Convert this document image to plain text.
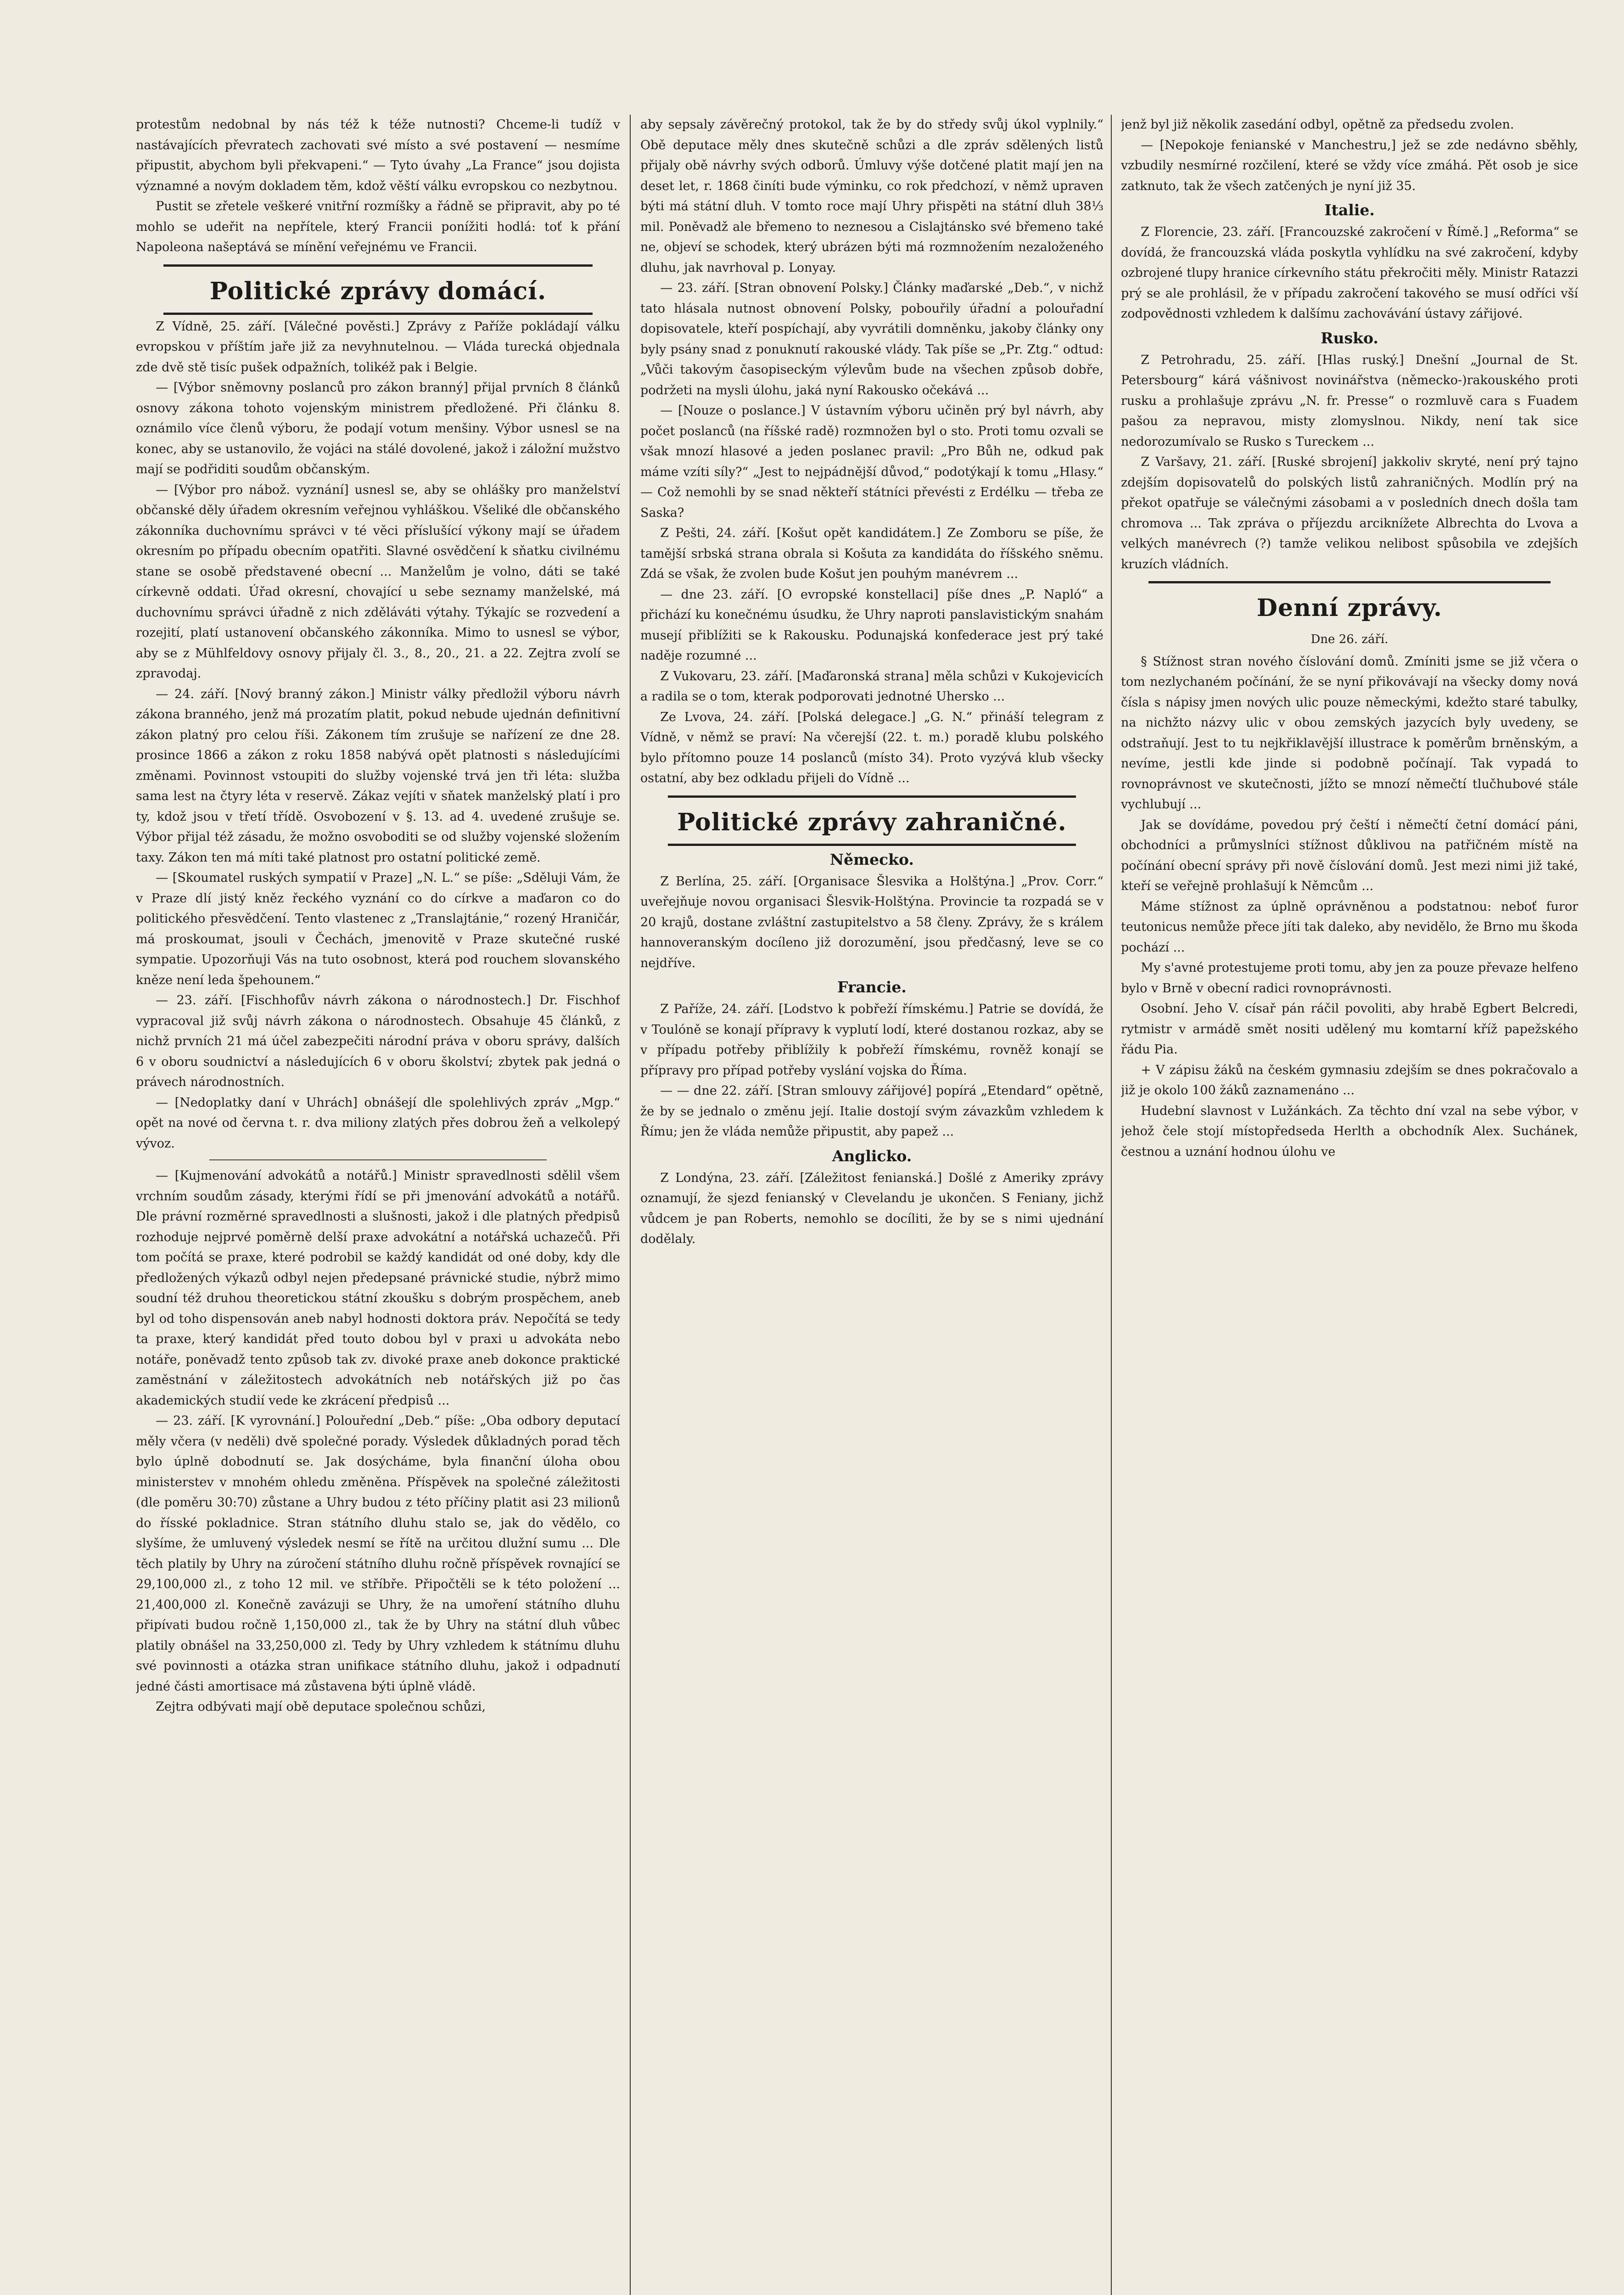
protestům nedobnal by nás též k téže nutnosti? Chceme-li tudíž v nastávajících převratech zachovati své místo a své postavení — nesmíme připustit, abychom byli překvapeni.“ — Tyto úvahy „La France“ jsou dojista významné a novým dokladem těm, kdož věští válku evropskou co nezbytnou.

Pustit se zřetele veškeré vnitřní rozmíšky a řádně se připravit, aby po té mohlo se udeřit na nepřítele, který Francii ponížiti hodlá: toť k přání Napoleona našeptává se mínění veřejnému ve Francii.

Politické zprávy domácí.

Z Vídně, 25. září. [Válečné pověsti.] Zprávy z Paříže pokládají válku evropskou v příštím jaře již za nevyhnutelnou. — Vláda turecká objednala zde dvě stě tisíc pušek odpažních, tolikéž pak i Belgie.

— [Výbor sněmovny poslanců pro zákon branný] přijal prvních 8 článků osnovy zákona tohoto vojenským ministrem předložené. Při článku 8. oznámilo více členů výboru, že podají votum menšiny. Výbor usnesl se na konec, aby se ustanovilo, že vojáci na stálé dovolené, jakož i záložní mužstvo mají se podřiditi soudům občanským.

— [Výbor pro nábož. vyznání] usnesl se, aby se ohlášky pro manželství občanské děly úřadem okresním veřejnou vyhláškou. Všeliké dle občanského zákonníka duchovnímu správci v té věci příslušící výkony mají se úřadem okresním po případu obecním opatřiti. Slavné osvědčení k sňatku civilnému stane se osobě představené obecní ... Manželům je volno, dáti se také církevně oddati. Úřad okresní, chovající u sebe seznamy manželské, má duchovnímu správci úřadně z nich zděláváti výtahy. Týkajíc se rozvedení a rozejití, platí ustanovení občanského zákonníka. Mimo to usnesl se výbor, aby se z Mühlfeldovy osnovy přijaly čl. 3., 8., 20., 21. a 22. Zejtra zvolí se zpravodaj.

— 24. září. [Nový branný zákon.] Ministr války předložil výboru návrh zákona branného, jenž má prozatím platit, pokud nebude ujednán definitivní zákon platný pro celou říši. Zákonem tím zrušuje se nařízení ze dne 28. prosince 1866 a zákon z roku 1858 nabývá opět platnosti s následujícími změnami. Povinnost vstoupiti do služby vojenské trvá jen tři léta: služba sama lest na čtyry léta v reservě. Zákaz vejíti v sňatek manželský platí i pro ty, kdož jsou v třetí třídě. Osvobození v §. 13. ad 4. uvedené zrušuje se. Výbor přijal též zásadu, že možno osvoboditi se od služby vojenské složením taxy. Zákon ten má míti také platnost pro ostatní politické země.

— [Skoumatel ruských sympatií v Praze] „N. L.“ se píše: „Sděluji Vám, že v Praze dlí jistý kněz řeckého vyznání co do církve a maďaron co do politického přesvědčení. Tento vlastenec z „Translajtánie,“ rozený Hraničár, má proskoumat, jsouli v Čechách, jmenovitě v Praze skutečné ruské sympatie. Upozorňuji Vás na tuto osobnost, která pod rouchem slovanského kněze není leda špehounem.“

— 23. září. [Fischhofův návrh zákona o národnostech.] Dr. Fischhof vypracoval již svůj návrh zákona o národnostech. Obsahuje 45 článků, z nichž prvních 21 má účel zabezpečiti národní práva v oboru správy, dalších 6 v oboru soudnictví a následujících 6 v oboru školství; zbytek pak jedná o právech národnostních.

— [Nedoplatky daní v Uhrách] obnášejí dle spolehlivých zpráv „Mgp.“ opět na nové od června t. r. dva miliony zlatých přes dobrou žeň a velkolepý vývoz.

— [Kujmenování advokátů a notářů.] Ministr spravedlnosti sdělil všem vrchním soudům zásady, kterými řídí se při jmenování advokátů a notářů. Dle právní rozměrné spravedlnosti a slušnosti, jakož i dle platných předpisů rozhoduje nejprvé poměrně delší praxe advokátní a notářská uchazečů. Při tom počítá se praxe, které podrobil se každý kandidát od oné doby, kdy dle předložených výkazů odbyl nejen předepsané právnické studie, nýbrž mimo soudní též druhou theoretickou státní zkoušku s dobrým prospěchem, aneb byl od toho dispensován aneb nabyl hodnosti doktora práv. Nepočítá se tedy ta praxe, který kandidát před touto dobou byl v praxi u advokáta nebo notáře, poněvadž tento způsob tak zv. divoké praxe aneb dokonce praktické zaměstnání v záležitostech advokátních neb notářských již po čas akademických studií vede ke zkrácení předpisů ...

— 23. září. [K vyrovnání.] Polouřední „Deb.“ píše: „Oba odbory deputací měly včera (v neděli) dvě společné porady. Výsledek důkladných porad těch bylo úplně dobodnutí se. Jak dosýcháme, byla finanční úloha obou ministerstev v mnohém ohledu změněna. Příspěvek na společné záležitosti (dle poměru 30:70) zůstane a Uhry budou z této příčiny platit asi 23 milionů do řísské pokladnice. Stran státního dluhu stalo se, jak do vědělo, co slyšíme, že umluvený výsledek nesmí se řítě na určitou dlužní sumu ... Dle těch platily by Uhry na zúročení státního dluhu ročně příspěvek rovnající se 29,100,000 zl., z toho 12 mil. ve stříbře. Připočtěli se k této položení ... 21,400,000 zl. Konečně zavázuji se Uhry, že na umoření státního dluhu připívati budou ročně 1,150,000 zl., tak že by Uhry na státní dluh vůbec platily obnášel na 33,250,000 zl. Tedy by Uhry vzhledem k státnímu dluhu své povinnosti a otázka stran unifikace státního dluhu, jakož i odpadnutí jedné části amortisace má zůstavena býti úplně vládě.

Zejtra odbývati mají obě deputace společnou schůzi,

aby sepsaly závěrečný protokol, tak že by do středy svůj úkol vyplnily.“ Obě deputace měly dnes skutečně schůzi a dle zpráv sdělených listů přijaly obě návrhy svých odborů. Úmluvy výše dotčené platit mají jen na deset let, r. 1868 činíti bude výminku, co rok předchozí, v němž upraven býti má státní dluh. V tomto roce mají Uhry přispěti na státní dluh 38⅓ mil. Poněvadž ale břemeno to neznesou a Cislajtánsko své břemeno také ne, objeví se schodek, který ubrázen býti má rozmnožením nezaloženého dluhu, jak navrhoval p. Lonyay.

— 23. září. [Stran obnovení Polsky.] Články maďarské „Deb.“, v nichž tato hlásala nutnost obnovení Polsky, pobouřily úřadní a polouřadní dopisovatele, kteří pospíchají, aby vyvrátili domněnku, jakoby články ony byly psány snad z ponuknutí rakouské vlády. Tak píše se „Pr. Ztg.“ odtud: „Vůči takovým časopiseckým výlevům bude na všechen způsob dobře, podržeti na mysli úlohu, jaká nyní Rakousko očekává ...

— [Nouze o poslance.] V ústavním výboru učiněn prý byl návrh, aby počet poslanců (na říšské radě) rozmnožen byl o sto. Proti tomu ozvali se však mnozí hlasové a jeden poslanec pravil: „Pro Bůh ne, odkud pak máme vzíti síly?“ „Jest to nejpádnější důvod,“ podotýkají k tomu „Hlasy.“ — Což nemohli by se snad někteří státníci převésti z Erdélku — třeba ze Saska?

Z Pešti, 24. září. [Košut opět kandidátem.] Ze Zomboru se píše, že tamější srbská strana obrala si Košuta za kandidáta do říšského sněmu. Zdá se však, že zvolen bude Košut jen pouhým manévrem ...

— dne 23. září. [O evropské konstellaci] píše dnes „P. Napló“ a přichází ku konečnému úsudku, že Uhry naproti panslavistickým snahám musejí přiblížiti se k Rakousku. Podunajská konfederace jest prý také naděje rozumné ...

Z Vukovaru, 23. září. [Maďaronská strana] měla schůzi v Kukojevicích a radila se o tom, kterak podporovati jednotné Uhersko ...

Ze Lvova, 24. září. [Polská delegace.] „G. N.“ přináší telegram z Vídně, v němž se praví: Na včerejší (22. t. m.) poradě klubu polského bylo přítomno pouze 14 poslanců (místo 34). Proto vyzývá klub všecky ostatní, aby bez odkladu přijeli do Vídně ...

Politické zprávy zahraničné.
Německo.

Z Berlína, 25. září. [Organisace Šlesvika a Holštýna.] „Prov. Corr.“ uveřejňuje novou organisaci Šlesvik-Holštýna. Provincie ta rozpadá se v 20 krajů, dostane zvláštní zastupitelstvo a 58 členy. Zprávy, že s králem hannoveranským docíleno již dorozumění, jsou předčasný, leve se co nejdříve.

Francie.

Z Paříže, 24. září. [Lodstvo k pobřeží římskému.] Patrie se dovídá, že v Toulóně se konají přípravy k vyplutí lodí, které dostanou rozkaz, aby se v případu potřeby přiblížily k pobřeží římskému, rovněž konají se přípravy pro případ potřeby vyslání vojska do Říma.

— — dne 22. září. [Stran smlouvy zářijové] popírá „Etendard“ opětně, že by se jednalo o změnu její. Italie dostojí svým závazkům vzhledem k Římu; jen že vláda nemůže připustit, aby papež ...

Anglicko.

Z Londýna, 23. září. [Záležitost fenianská.] Došlé z Ameriky zprávy oznamují, že sjezd fenianský v Clevelandu je ukončen. S Feniany, jichž vůdcem je pan Roberts, nemohlo se docíliti, že by se s nimi ujednání dodělaly.

jenž byl již několik zasedání odbyl, opětně za předsedu zvolen.

— [Nepokoje fenianské v Manchestru,] jež se zde nedávno sběhly, vzbudily nesmírné rozčilení, které se vždy více zmáhá. Pět osob je sice zatknuto, tak že všech zatčených je nyní již 35.

Italie.

Z Florencie, 23. září. [Francouzské zakročení v Římě.] „Reforma“ se dovídá, že francouzská vláda poskytla vyhlídku na své zakročení, kdyby ozbrojené tlupy hranice církevního státu překročiti měly. Ministr Ratazzi prý se ale prohlásil, že v případu zakročení takového se musí odříci vší zodpovědnosti vzhledem k dalšímu zachovávání ústavy zářijové.

Rusko.

Z Petrohradu, 25. září. [Hlas ruský.] Dnešní „Journal de St. Petersbourg“ kárá vášnivost novinářstva (německo-)rakouského proti rusku a prohlašuje zprávu „N. fr. Presse“ o rozmluvě cara s Fuadem pašou za nepravou, misty zlomyslnou. Nikdy, není tak sice nedorozumívalo se Rusko s Tureckem ...

Z Varšavy, 21. září. [Ruské sbrojení] jakkoliv skryté, není prý tajno zdejším dopisovatelů do polských listů zahraničných. Modlín prý na překot opatřuje se válečnými zásobami a v posledních dnech došla tam chromova ... Tak zpráva o příjezdu arciknížete Albrechta do Lvova a velkých manévrech (?) tamže velikou nelibost spůsobila ve zdejších kruzích vládních.

Denní zprávy.
Dne 26. září.

§ Stížnost stran nového číslování domů. Zmíniti jsme se již včera o tom nezlychaném počínání, že se nyní přikovávají na všecky domy nová čísla s nápisy jmen nových ulic pouze německými, kdežto staré tabulky, na nichžto názvy ulic v obou zemských jazycích byly uvedeny, se odstraňují. Jest to tu nejkřiklavější illustrace k poměrům brněnským, a nevíme, jestli kde jinde si podobně počínají. Tak vypadá to rovnoprávnost ve skutečnosti, jížto se mnozí němečtí tlučhubové stále vychlubují ...

Jak se dovídáme, povedou prý čeští i němečtí četní domácí páni, obchodníci a průmyslníci stížnost důklivou na patřičném místě na počínání obecní správy při nově číslování domů. Jest mezi nimi již také, kteří se veřejně prohlašují k Němcům ...

Máme stížnost za úplně oprávněnou a podstatnou: neboť furor teutonicus nemůže přece jíti tak daleko, aby nevidělo, že Brno mu škoda pochází ...

My s'avné protestujeme proti tomu, aby jen za pouze převaze helfeno bylo v Brně v obecní radici rovnoprávnosti.

Osobní. Jeho V. císař pán ráčil povoliti, aby hrabě Egbert Belcredi, rytmistr v armádě smět nositi udělený mu komtarní kříž papežského řádu Pia.

+ V zápisu žáků na českém gymnasiu zdejším se dnes pokračovalo a již je okolo 100 žáků zaznamenáno ...

Hudební slavnost v Lužánkách. Za těchto dní vzal na sebe výbor, v jehož čele stojí místopředseda Herlth a obchodník Alex. Suchánek, čestnou a uznání hodnou úlohu ve
